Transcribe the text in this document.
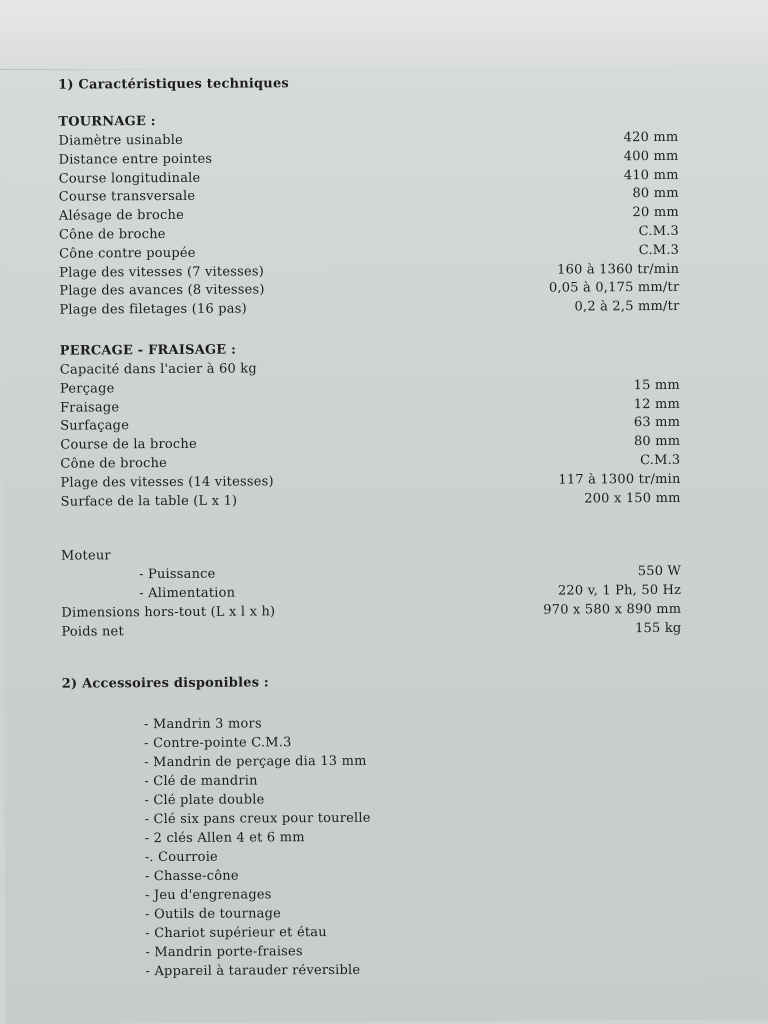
1) Caractéristiques techniques
TOURNAGE :
Diamètre usinable	420 mm
Distance entre pointes	400 mm
Course longitudinale	410 mm
Course transversale	80 mm
Alésage de broche	20 mm
Cône de broche	C.M.3
Cône contre poupée	C.M.3
Plage des vitesses (7 vitesses)	160 à 1360 tr/min
Plage des avances (8 vitesses)	0,05 à 0,175 mm/tr
Plage des filetages (16 pas)	0,2 à 2,5 mm/tr
PERCAGE - FRAISAGE :
Capacité dans l'acier à 60 kg
Perçage	15 mm
Fraisage	12 mm
Surfaçage	63 mm
Course de la broche	80 mm
Cône de broche	C.M.3
Plage des vitesses (14 vitesses)	117 à 1300 tr/min
Surface de la table (L x 1)	200 x 150 mm
Moteur
- Puissance	550 W
- Alimentation	220 v, 1 Ph, 50 Hz
Dimensions hors-tout (L x l x h)	970 x 580 x 890 mm
Poids net	155 kg
2) Accessoires disponibles :
- Mandrin 3 mors
- Contre-pointe C.M.3
- Mandrin de perçage dia 13 mm
- Clé de mandrin
- Clé plate double
- Clé six pans creux pour tourelle
- 2 clés Allen 4 et 6 mm
-. Courroie
- Chasse-cône
- Jeu d'engrenages
- Outils de tournage
- Chariot supérieur et étau
- Mandrin porte-fraises
- Appareil à tarauder réversible
